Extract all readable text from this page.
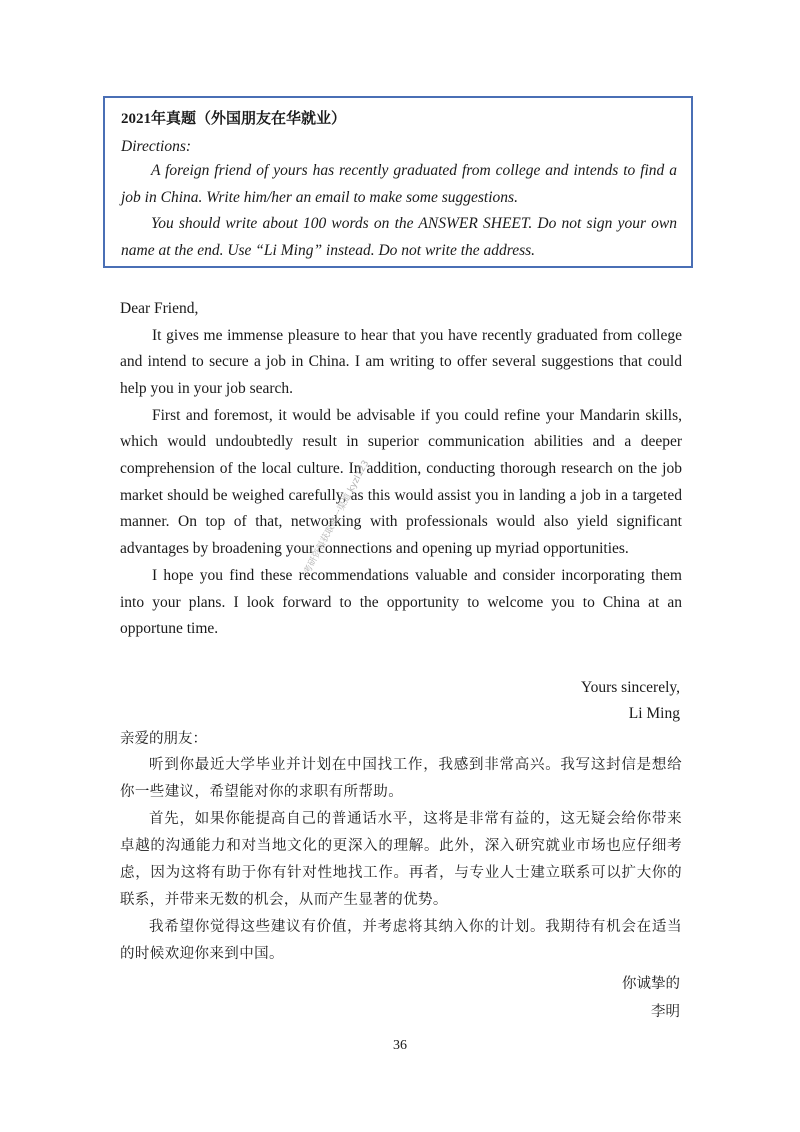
2021年真题（外国朋友在华就业）

Directions:

A foreign friend of yours has recently graduated from college and intends to find a job in China. Write him/her an email to make some suggestions.

You should write about 100 words on the ANSWER SHEET. Do not sign your own name at the end. Use “Li Ming” instead. Do not write the address.

Dear Friend,

It gives me immense pleasure to hear that you have recently graduated from college and intend to secure a job in China. I am writing to offer several suggestions that could help you in your job search.

First and foremost, it would be advisable if you could refine your Mandarin skills, which would undoubtedly result in superior communication abilities and a deeper comprehension of the local culture. In addition, conducting thorough research on the job market should be weighed carefully, as this would assist you in landing a job in a targeted manner. On top of that, networking with professionals would also yield significant advantages by broadening your connections and opening up myriad opportunities.

I hope you find these recommendations valuable and consider incorporating them into your plans. I look forward to the opportunity to welcome you to China at an opportune time.

Yours sincerely,

Li Ming

亲爱的朋友：

听到你最近大学毕业并计划在中国找工作，我感到非常高兴。我写这封信是想给你一些建议，希望能对你的求职有所帮助。

首先，如果你能提高自己的普通话水平，这将是非常有益的，这无疑会给你带来卓越的沟通能力和对当地文化的更深入的理解。此外，深入研究就业市场也应仔细考虑，因为这将有助于你有针对性地找工作。再者，与专业人士建立联系可以扩大你的联系，并带来无数的机会，从而产生显著的优势。

我希望你觉得这些建议有价值，并考虑将其纳入你的计划。我期待有机会在适当的时候欢迎你来到中国。

你诚挚的

李明

36
考研资料获取唯一渠道 kyzl123
